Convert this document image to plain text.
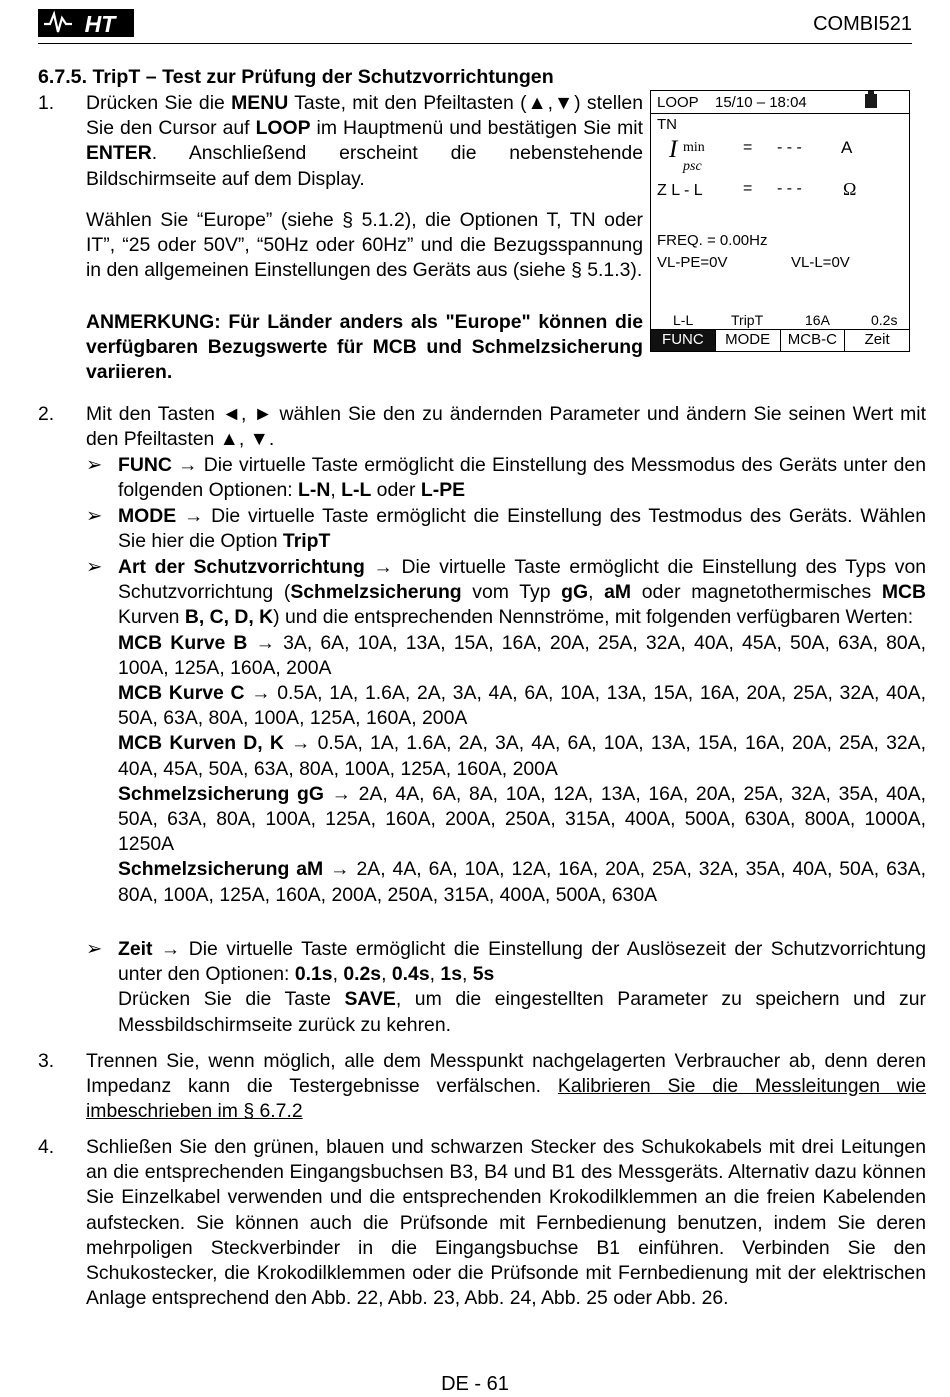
HT	COMBI521
6.7.5. TripT – Test zur Prüfung der Schutzvorrichtungen
1. Drücken Sie die MENU Taste, mit den Pfeiltasten (▲,▼) stellen Sie den Cursor auf LOOP im Hauptmenü und bestätigen Sie mit ENTER. Anschließend erscheint die nebenstehende Bildschirmseite auf dem Display.

Wählen Sie “Europe” (siehe § 5.1.2), die Optionen T, TN oder IT”, “25 oder 50V”, “50Hz oder 60Hz” und die Bezugsspannung in den allgemeinen Einstellungen des Geräts aus (siehe § 5.1.3).

ANMERKUNG: Für Länder anders als "Europe" können die verfügbaren Bezugswerte für MCB und Schmelzsicherung variieren.

LOOP 15/10 – 18:04
TN
I min
psc
= - - - A
Z L - L	= - - - Ω
FREQ. = 0.00Hz
VL-PE=0V	VL-L=0V
L-L	TripT	16A	0.2s
FUNC	MODE	MCB-C	Zeit
2. Mit den Tasten ◄, ► wählen Sie den zu ändernden Parameter und ändern Sie seinen Wert mit den Pfeiltasten ▲, ▼.

➢ FUNC → Die virtuelle Taste ermöglicht die Einstellung des Messmodus des Geräts unter den folgenden Optionen: L-N, L-L oder L-PE

➢ MODE → Die virtuelle Taste ermöglicht die Einstellung des Testmodus des Geräts. Wählen Sie hier die Option TripT

➢ Art der Schutzvorrichtung → Die virtuelle Taste ermöglicht die Einstellung des Typs von Schutzvorrichtung (Schmelzsicherung vom Typ gG, aM oder magnetothermisches MCB Kurven B, C, D, K) und die entsprechenden Nennströme, mit folgenden verfügbaren Werten:

MCB Kurve B → 3A, 6A, 10A, 13A, 15A, 16A, 20A, 25A, 32A, 40A, 45A, 50A, 63A, 80A, 100A, 125A, 160A, 200A

MCB Kurve C → 0.5A, 1A, 1.6A, 2A, 3A, 4A, 6A, 10A, 13A, 15A, 16A, 20A, 25A, 32A, 40A, 50A, 63A, 80A, 100A, 125A, 160A, 200A

MCB Kurven D, K → 0.5A, 1A, 1.6A, 2A, 3A, 4A, 6A, 10A, 13A, 15A, 16A, 20A, 25A, 32A, 40A, 45A, 50A, 63A, 80A, 100A, 125A, 160A, 200A

Schmelzsicherung gG → 2A, 4A, 6A, 8A, 10A, 12A, 13A, 16A, 20A, 25A, 32A, 35A, 40A, 50A, 63A, 80A, 100A, 125A, 160A, 200A, 250A, 315A, 400A, 500A, 630A, 800A, 1000A, 1250A

Schmelzsicherung aM → 2A, 4A, 6A, 10A, 12A, 16A, 20A, 25A, 32A, 35A, 40A, 50A, 63A, 80A, 100A, 125A, 160A, 200A, 250A, 315A, 400A, 500A, 630A

➢ Zeit → Die virtuelle Taste ermöglicht die Einstellung der Auslösezeit der Schutzvorrichtung unter den Optionen: 0.1s, 0.2s, 0.4s, 1s, 5s

Drücken Sie die Taste SAVE, um die eingestellten Parameter zu speichern und zur Messbildschirmseite zurück zu kehren.

3. Trennen Sie, wenn möglich, alle dem Messpunkt nachgelagerten Verbraucher ab, denn deren Impedanz kann die Testergebnisse verfälschen. Kalibrieren Sie die Messleitungen wie imbeschrieben im § 6.7.2

4. Schließen Sie den grünen, blauen und schwarzen Stecker des Schukokabels mit drei Leitungen an die entsprechenden Eingangsbuchsen B3, B4 und B1 des Messgeräts. Alternativ dazu können Sie Einzelkabel verwenden und die entsprechenden Krokodilklemmen an die freien Kabelenden aufstecken. Sie können auch die Prüfsonde mit Fernbedienung benutzen, indem Sie deren mehrpoligen Steckverbinder in die Eingangsbuchse B1 einführen. Verbinden Sie den Schukostecker, die Krokodilklemmen oder die Prüfsonde mit Fernbedienung mit der elektrischen Anlage entsprechend den Abb. 22, Abb. 23, Abb. 24, Abb. 25 oder Abb. 26.

DE - 61
